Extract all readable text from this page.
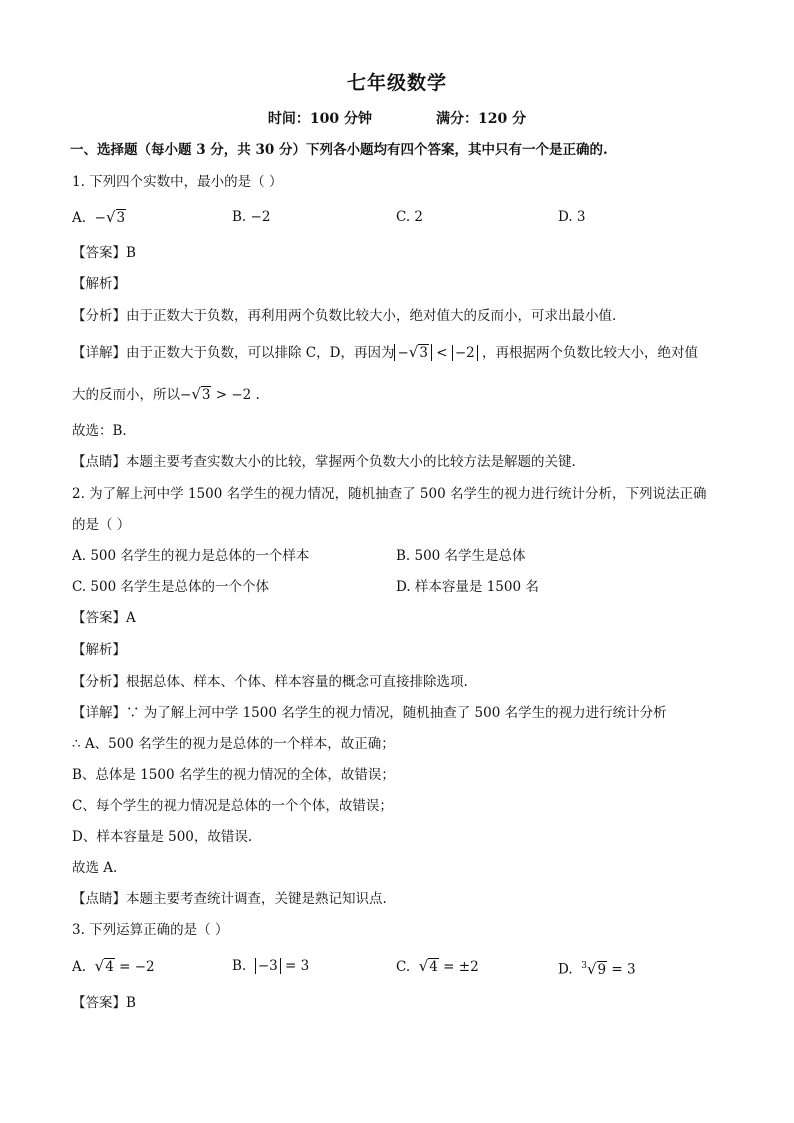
七年级数学
时间：100 分钟	满分：120 分
一、选择题（每小题 3 分，共 30 分）下列各小题均有四个答案，其中只有一个是正确的.
1. 下列四个实数中，最小的是（ ）
A. −√3	B. −2	C. 2	D. 3
【答案】B
【解析】
【分析】由于正数大于负数，再利用两个负数比较大小，绝对值大的反而小，可求出最小值.
【详解】由于正数大于负数，可以排除 C，D，再因为 −√3 < −2 ，再根据两个负数比较大小，绝对值
大的反而小，所以−√3 > −2 .
故选：B.
【点睛】本题主要考查实数大小的比较，掌握两个负数大小的比较方法是解题的关键.
2. 为了解上河中学 1500 名学生的视力情况，随机抽查了 500 名学生的视力进行统计分析，下列说法正确
的是（ ）
A. 500 名学生的视力是总体的一个样本	B. 500 名学生是总体
C. 500 名学生是总体的一个个体	D. 样本容量是 1500 名
【答案】A
【解析】
【分析】根据总体、样本、个体、样本容量的概念可直接排除选项.
【详解】∵ 为了解上河中学 1500 名学生的视力情况，随机抽查了 500 名学生的视力进行统计分析
∴ A、500 名学生的视力是总体的一个样本，故正确；
B、总体是 1500 名学生的视力情况的全体，故错误；
C、每个学生的视力情况是总体的一个个体，故错误；
D、样本容量是 500，故错误.
故选 A.
【点睛】本题主要考查统计调查，关键是熟记知识点.
3. 下列运算正确的是（ ）
A. √4 = −2	B. −3 = 3	C. √4 = ±2	D. $^3$√9 = 3
【答案】B
